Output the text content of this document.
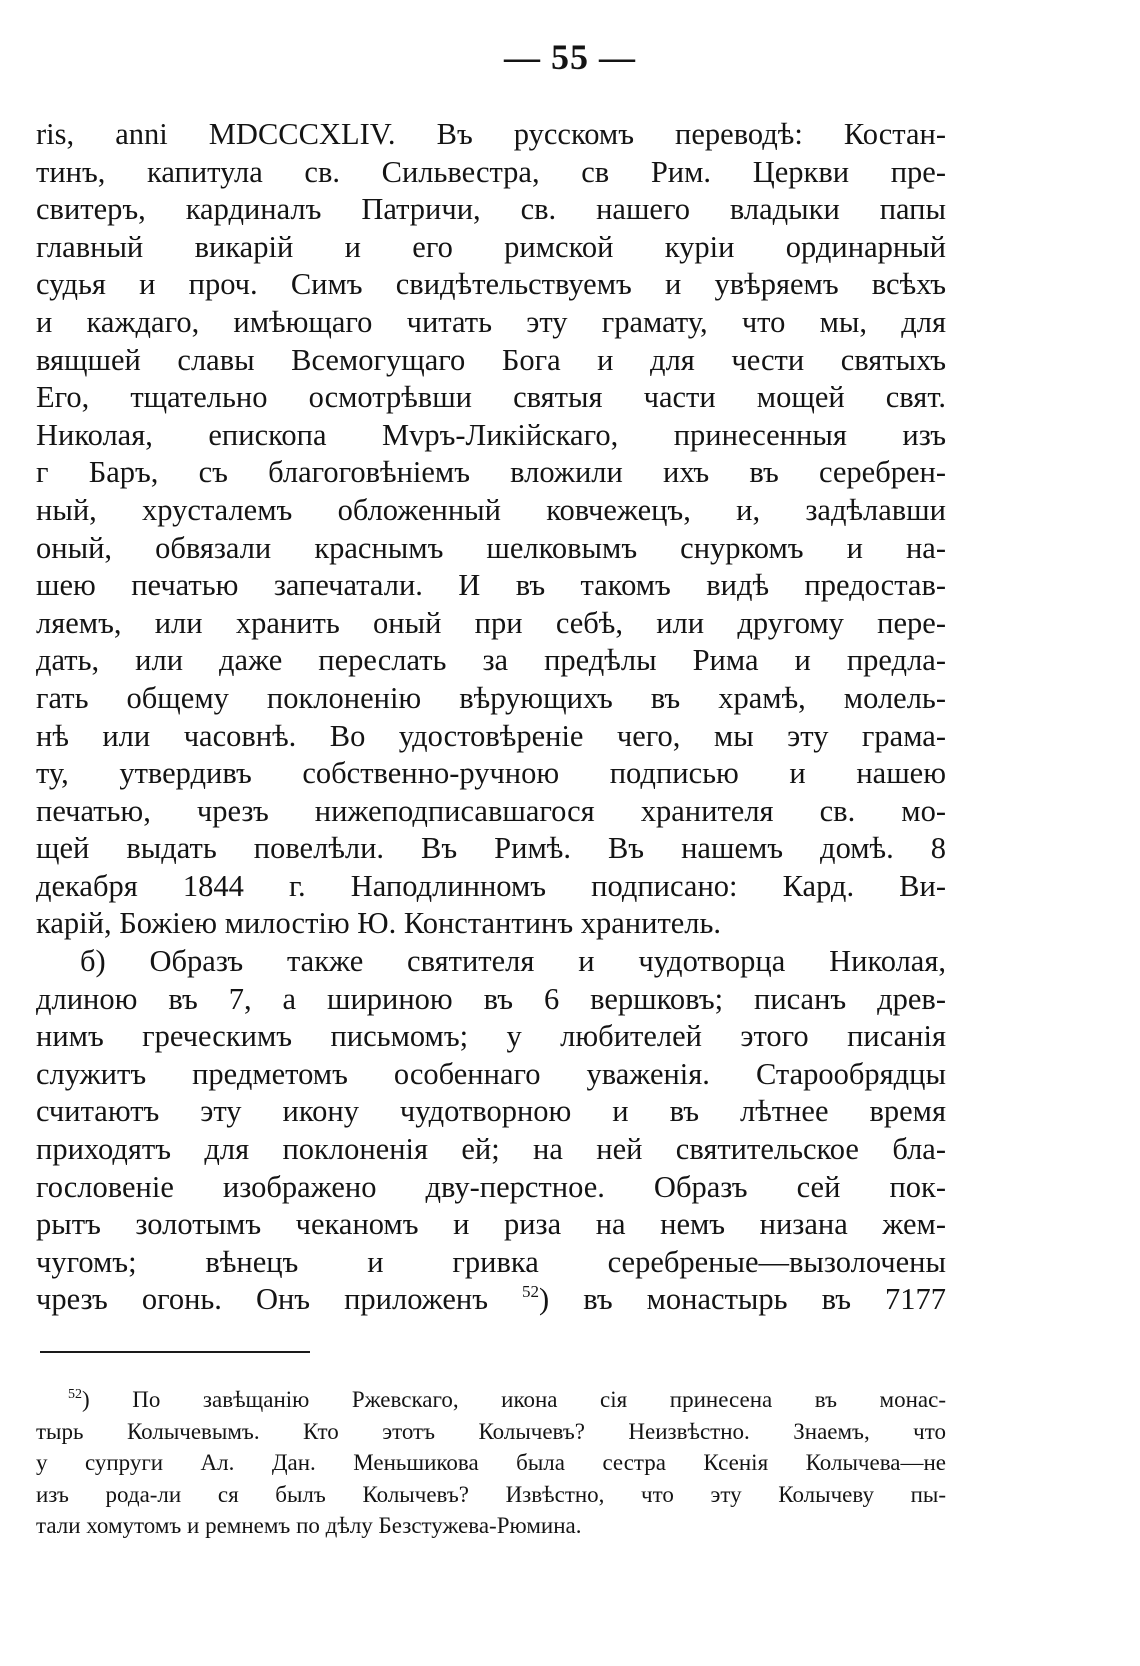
— 55 —
ris, anni MDCCCXLIV. Въ русскомъ переводѣ: Костан-
тинъ, капитула св. Сильвестра, св Рим. Церкви пре-
свитеръ, кардиналъ Патричи, св. нашего владыки папы
главный викарій и его римской куріи ординарный
судья и проч. Симъ свидѣтельствуемъ и увѣряемъ всѣхъ
и каждаго, имѣющаго читать эту грамату, что мы, для
вящшей славы Всемогущаго Бога и для чести святыхъ
Его, тщательно осмотрѣвши святыя части мощей свят.
Николая, епископа Мvръ-Ликійскаго, принесенныя изъ
г Баръ, съ благоговѣніемъ вложили ихъ въ серебрен-
ный, хрусталемъ обложенный ковчежецъ, и, задѣлавши
оный, обвязали краснымъ шелковымъ снуркомъ и на-
шею печатью запечатали. И въ такомъ видѣ предостав-
ляемъ, или хранить оный при себѣ, или другому пере-
дать, или даже переслать за предѣлы Рима и предла-
гать общему поклоненію вѣрующихъ въ храмѣ, молель-
нѣ или часовнѣ. Во удостовѣреніе чего, мы эту грама-
ту, утвердивъ собственно-ручною подписью и нашею
печатью, чрезъ нижеподписавшагося хранителя св. мо-
щей выдать повелѣли. Въ Римѣ. Въ нашемъ домѣ. 8
декабря 1844 г. Наподлинномъ подписано: Кард. Ви-
карій, Божіею милостію Ю. Константинъ хранитель.
б) Образъ также святителя и чудотворца Николая,
длиною въ 7, а шириною въ 6 вершковъ; писанъ древ-
нимъ греческимъ письмомъ; у любителей этого писанія
служитъ предметомъ особеннаго уваженія. Старообрядцы
считаютъ эту икону чудотворною и въ лѣтнее время
приходятъ для поклоненія ей; на ней святительское бла-
гословеніе изображено дву-перстное. Образъ сей пок-
рытъ золотымъ чеканомъ и риза на немъ низана жем-
чугомъ; вѣнецъ и гривка серебреные—вызолочены
чрезъ огонь. Онъ приложенъ $^{52}$) въ монастырь въ 7177
$^{52}$) По завѣщанію Ржевскаго, икона сія принесена въ монас-
тырь Колычевымъ. Кто этотъ Колычевъ? Неизвѣстно. Знаемъ, что
у супруги Ал. Дан. Меньшикова была сестра Ксенія Колычева—не
изъ рода-ли ся былъ Колычевъ? Извѣстно, что эту Колычеву пы-
тали хомутомъ и ремнемъ по дѣлу Безстужева-Рюмина.
